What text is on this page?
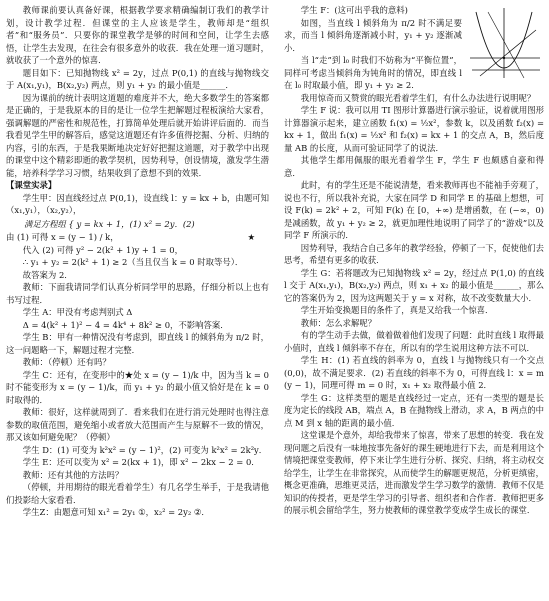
教师课前要认真备好课，根据教学要求精确编制订我们的教学计划，设计教学过程．但课堂的主人应该是学生，教师却是“组织者”和“服务员”．只要你的课堂教学是够的时间和空间，让学生去感悟，让学生去发现，在往会有很多意外的收获．我在处理一道习题时，就收获了一个意外的惊喜．

题目如下：已知抛物线 x² = 2y，过点 P(0,1) 的直线与抛物线交于 A(x₁,y₁)，B(x₂,y₂) 两点，则 y₁ + y₂ 的最小值是______．

因为课前的统计表明这道题的难度并不大，绝大多数学生的答案都是正确的，于是我原本的目的是让一位学生把解题过程板演给大家看，强调解题的严密性和规范性，打算简单处理后就开始讲评后面的．而当我看见学生甲的解答后，感觉这道题还有许多值得挖掘、分析、归纳的内容，引的东西，于是我果断地决定好好把握这道题，对于教学中出现的课堂中这个精彩即逝的教学契机，因势利导，创设情境，激发学生潜能，培养科学学习习惯，结果收到了意想不到的效果．

【课堂实录】

学生甲：因直线经过点 P(0,1)，设直线 l：y = kx + b，由题可知（x₁,y₁），（x₂,y₂），

满足方程组 { y = kx + 1，(1) x² = 2y．(2)

★
由 (1) 可得 x = (y − 1) / k，

代入 (2) 可得 y² − 2(k² + 1)y + 1 = 0，

∴ y₁ + y₂ = 2(k² + 1) ≥ 2（当且仅当 k = 0 时取等号）．

故答案为 2．

教师：下面我请同学们认真分析同学甲的思路，仔细分析以上也有书写过程．

学生 A：甲没有考虑判别式 Δ

Δ = 4(k² + 1)² − 4 = 4k⁴ + 8k² ≥ 0，不影响答案．

学生 B：甲有一种情况没有考虑到，即直线 l 的倾斜角为 π/2 时，这一问题略一下，解题过程才完整．

教师：（停顿）还有吗？

学生 C：还有，在变形中的★处 x = (y − 1)/k 中，因为当 k = 0 时不能变形为 x = (y − 1)/k，而 y₁ + y₂ 的最小值又恰好是在 k = 0 时取得的．

教师：很好，这样就周到了．看来我们在进行消元处理时也得注意参数的取值范围，避免缩小或者放大范围而产生与原解不一致的情况，那又该如何避免呢？（停顿）

学生 D：(1) 可变为 k²x² = (y − 1)²，(2) 可变为 k²x² = 2k²y．

学生 E：还可以变为 x² = 2(kx + 1)，即 x² − 2kx − 2 = 0．

教师：还有其他的方法吗？

（停顿，并用期待的眼光看着学生）有几名学生举手，于是我请他们投影给大家看看．

学生Z：由题意可知 x₁² = 2y₁ ①，x₂² = 2y₂ ②．

学生 F：(这可出乎我的意料)

如图，当直线 l 倾斜角为 π/2 时不满足要求，而当 l 倾斜角逐渐减小时，y₁ + y₂ 逐渐减小．

当 l“走”到 l₀ 时我们不妨称为“平衡位置”，同样可考虑当倾斜角为钝角时的情况，即直线 l 在 l₀ 时取最小值，即 y₁ + y₂ ≥ 2．

我用惊奇而又赞赏的眼光看着学生们，有什么办法进行说明呢？

学生 F 说：我可以用 TI 图形计算器进行演示验证，说着就用图形计算器演示起来，建立函数 f₁(x) = ½x²，参数 k，以及函数 f₂(x) = kx + 1，做出 f₁(x) = ½x² 和 f₂(x) = kx + 1 的交点 A，B，然后度量 AB 的长度，从而可验证同学了的说法．

其他学生都用佩服的眼光看着学生 F，学生 F 也颇感自豪和得意．

此时，有的学生还是不能说清楚，看来教师再也不能袖手旁观了，说也不行，所以我补充说，大家在同学 D 和同学 E 的基础上想想，可设 F(k) = 2k² + 2，可知 F(k) 在 [0，+∞) 是增函数，在 (−∞，0) 是减函数，故 y₁ + y₂ ≥ 2，就更加理性地说明了同学了的“游戏”以及同学 F 所演示的．

因势利导，我结合自己多年的教学经验，停顿了一下，促使他们去思考，希望有更多的收获．

学生 G：若将题改为已知抛物线 x² = 2y，经过点 P(1,0) 的直线 l 交于 A(x₁,y₁)，B(x₂,y₂) 两点，则 x₁ + x₂ 的最小值是______，那么它的答案仍为 2，因为这两题关于 y = x 对称，故不改变数量大小．

学生开始变换题目的条件了，真是又给我一个惊喜．

教师：怎么求解呢？

有的学生动手去做，做着做着他们发现了问题：此时直线 l 取得最小值时，直线 l 倾斜率不存在，所以有的学生说用这种方法不可以．

学生 H：(1) 若直线的斜率为 0，直线 l 与抛物线只有一个交点 (0,0)，故不满足要求．(2) 若直线的斜率不为 0，可得直线 l：x = m(y − 1)，同理可得 m = 0 时，x₁ + x₂ 取得最小值 2．

学生 G：这样类型的题是直线经过一定点，还有一类型的题是长度为定长的线段 AB，端点 A，B 在抛物线上滑动，求 A，B 两点的中点 M 到 x 轴的距离的最小值．

这堂课是个意外，却给我带来了惊喜，带来了思想的转变．我在发现问题之后没有一味地按事先备好的课生硬地进行下去，而是利用这个情境把课堂变教师，停下来让学生进行分析、探究、归纳，将主动权交给学生，让学生在非常探究，从而使学生的解题更规范，分析更缜密，概念更准确，思维更灵活，进而激发学生学习数学的激情．教师不仅是知识的传授者，更是学生学习的引导者、组织者和合作者．教师把更多的展示机会留给学生，努力使教师的课堂教学变成学生成长的课堂．
